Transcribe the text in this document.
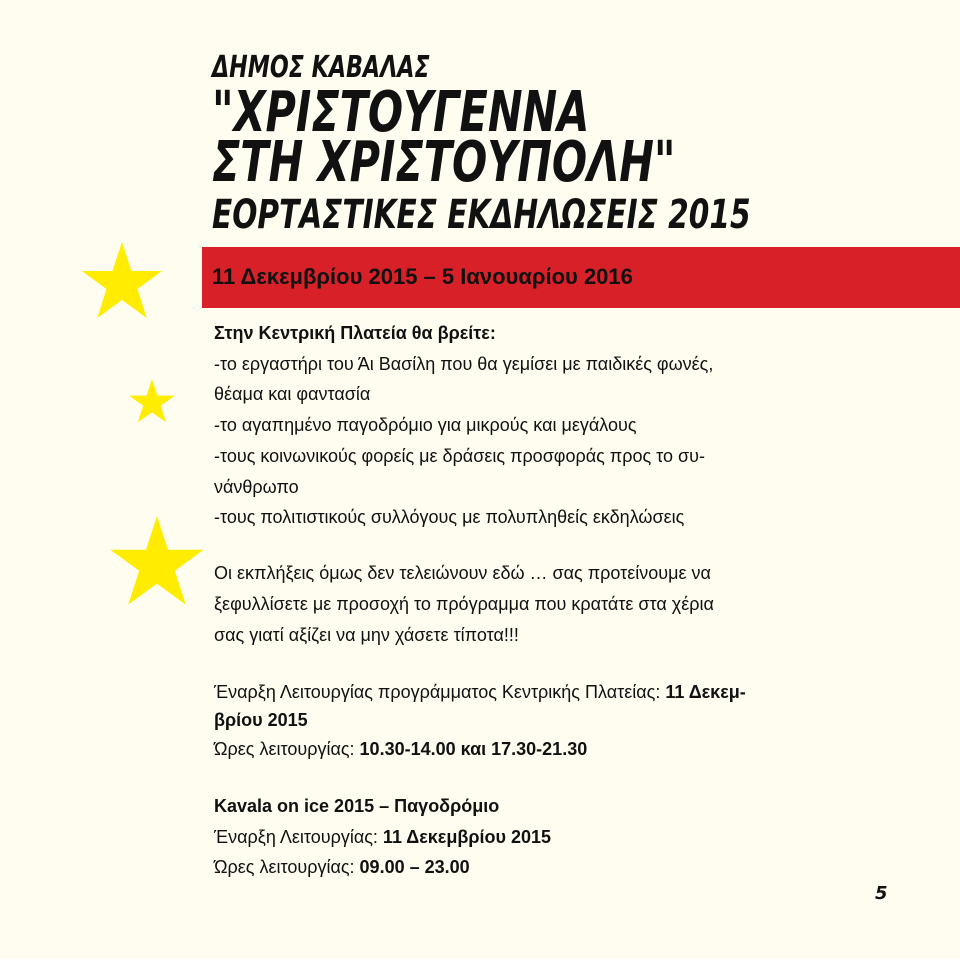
ΔΗΜΟΣ ΚΑΒΑΛΑΣ
"ΧΡΙΣΤΟΥΓΕΝΝΑ
ΣΤΗ ΧΡΙΣΤΟΥΠΟΛΗ"
ΕΟΡΤΑΣΤΙΚΕΣ ΕΚΔΗΛΩΣΕΙΣ 2015
11 Δεκεμβρίου 2015 – 5 Ιανουαρίου 2016
Στην Κεντρική Πλατεία θα βρείτε:
-το εργαστήρι του Άι Βασίλη που θα γεμίσει με παιδικές φωνές,
θέαμα και φαντασία
-το αγαπημένο παγοδρόμιο για μικρούς και μεγάλους
-τους κοινωνικούς φορείς με δράσεις προσφοράς προς το συ-
νάνθρωπο
-τους πολιτιστικούς συλλόγους με πολυπληθείς εκδηλώσεις
Οι εκπλήξεις όμως δεν τελειώνουν εδώ … σας προτείνουμε να
ξεφυλλίσετε με προσοχή το πρόγραμμα που κρατάτε στα χέρια
σας γιατί αξίζει να μην χάσετε τίποτα!!!
Έναρξη Λειτουργίας προγράμματος Κεντρικής Πλατείας: 11 Δεκεμ-
βρίου 2015
Ώρες λειτουργίας: 10.30-14.00 και 17.30-21.30
Kavala on ice 2015 – Παγοδρόμιο
Έναρξη Λειτουργίας: 11 Δεκεμβρίου 2015
Ώρες λειτουργίας: 09.00 – 23.00
5
